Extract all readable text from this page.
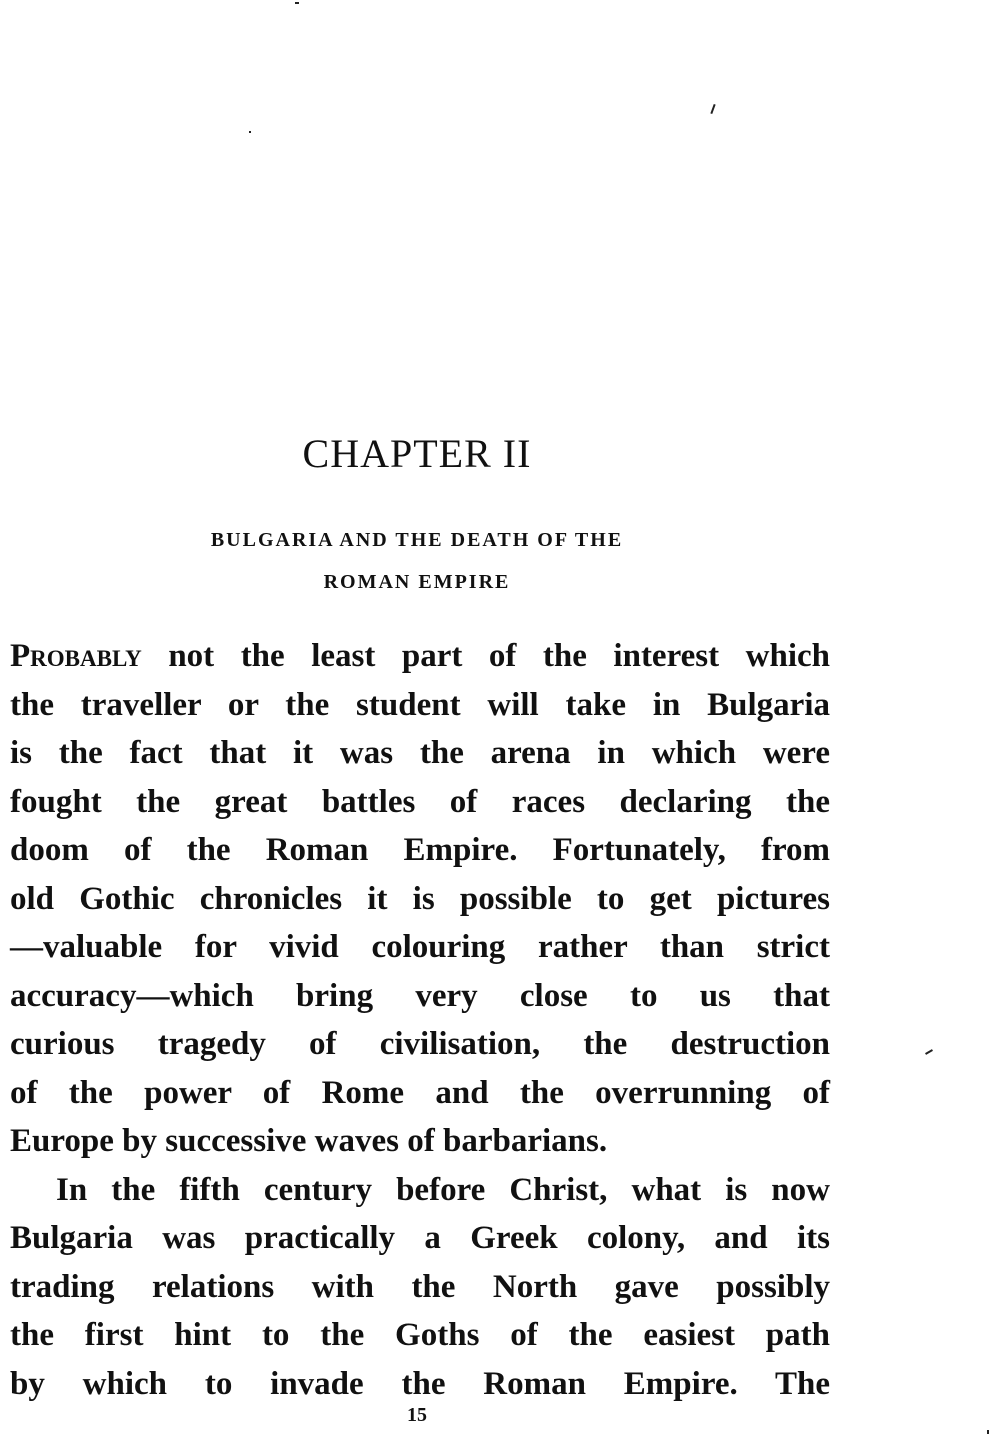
CHAPTER II
BULGARIA AND THE DEATH OF THE
ROMAN EMPIRE
Probably not the least part of the interest which
the traveller or the student will take in Bulgaria
is the fact that it was the arena in which were
fought the great battles of races declaring the
doom of the Roman Empire. Fortunately, from
old Gothic chronicles it is possible to get pictures
—valuable for vivid colouring rather than strict
accuracy—which bring very close to us that
curious tragedy of civilisation, the destruction
of the power of Rome and the overrunning of
Europe by successive waves of barbarians.
In the fifth century before Christ, what is now
Bulgaria was practically a Greek colony, and its
trading relations with the North gave possibly
the first hint to the Goths of the easiest path
by which to invade the Roman Empire. The
15
